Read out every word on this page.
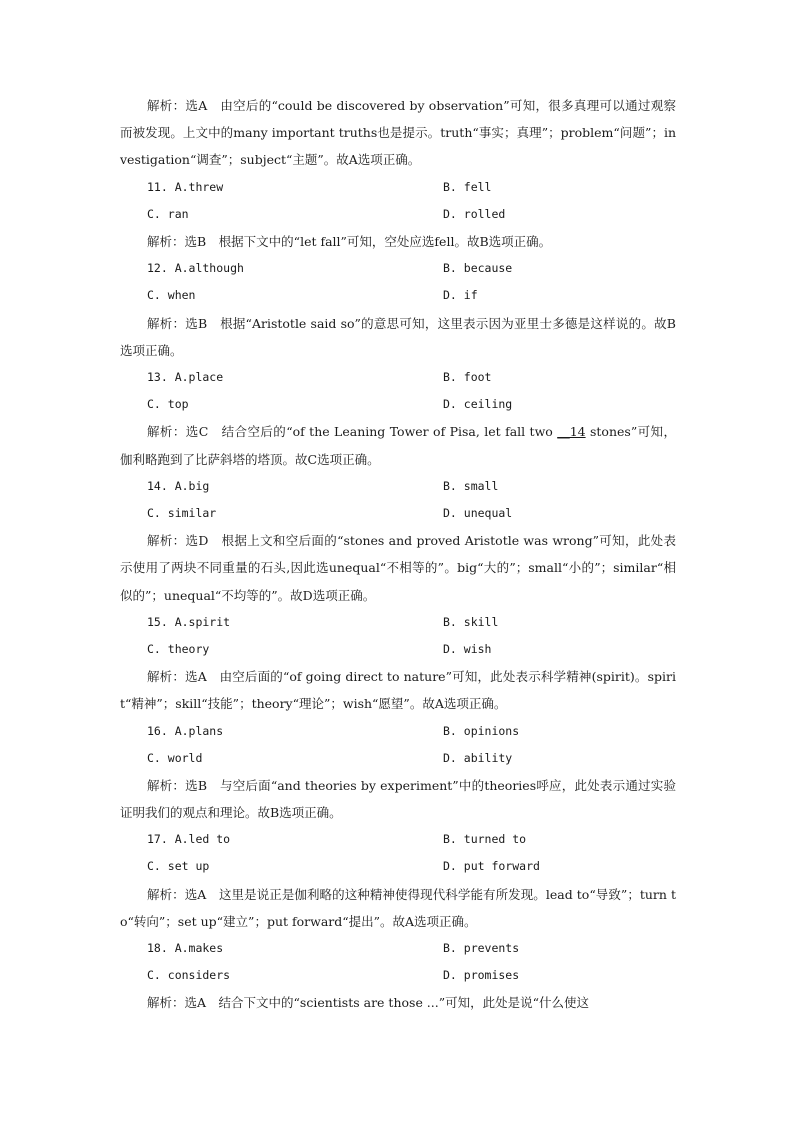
解析：选A　由空后的“could be discovered by observation”可知，很多真理可以通过观察而被发现。上文中的many important truths也是提示。truth“事实；真理”；problem“问题”；investigation“调查”；subject“主题”。故A选项正确。

11. A.threw	B. fell
C. ran	D. rolled

解析：选B　根据下文中的“let fall”可知，空处应选fell。故B选项正确。

12. A.although	B. because
C. when	D. if

解析：选B　根据“Aristotle said so”的意思可知，这里表示因为亚里士多德是这样说的。故B选项正确。

13. A.place	B. foot
C. top	D. ceiling

解析：选C　结合空后的“of the Leaning Tower of Pisa, let fall two __14 stones”可知，伽利略跑到了比萨斜塔的塔顶。故C选项正确。

14. A.big	B. small
C. similar	D. unequal

解析：选D　根据上文和空后面的“stones and proved Aristotle was wrong”可知，此处表示使用了两块不同重量的石头,因此选unequal“不相等的”。big“大的”；small“小的”；similar“相似的”；unequal“不均等的”。故D选项正确。

15. A.spirit	B. skill
C. theory	D. wish

解析：选A　由空后面的“of going direct to nature”可知，此处表示科学精神(spirit)。spirit“精神”；skill“技能”；theory“理论”；wish“愿望”。故A选项正确。

16. A.plans	B. opinions
C. world	D. ability

解析：选B　与空后面“and theories by experiment”中的theories呼应，此处表示通过实验证明我们的观点和理论。故B选项正确。

17. A.led to	B. turned to
C. set up	D. put forward

解析：选A　这里是说正是伽利略的这种精神使得现代科学能有所发现。lead to“导致”；turn to“转向”；set up“建立”；put forward“提出”。故A选项正确。

18. A.makes	B. prevents
C. considers	D. promises

解析：选A　结合下文中的“scientists are those ...”可知，此处是说“什么使这
